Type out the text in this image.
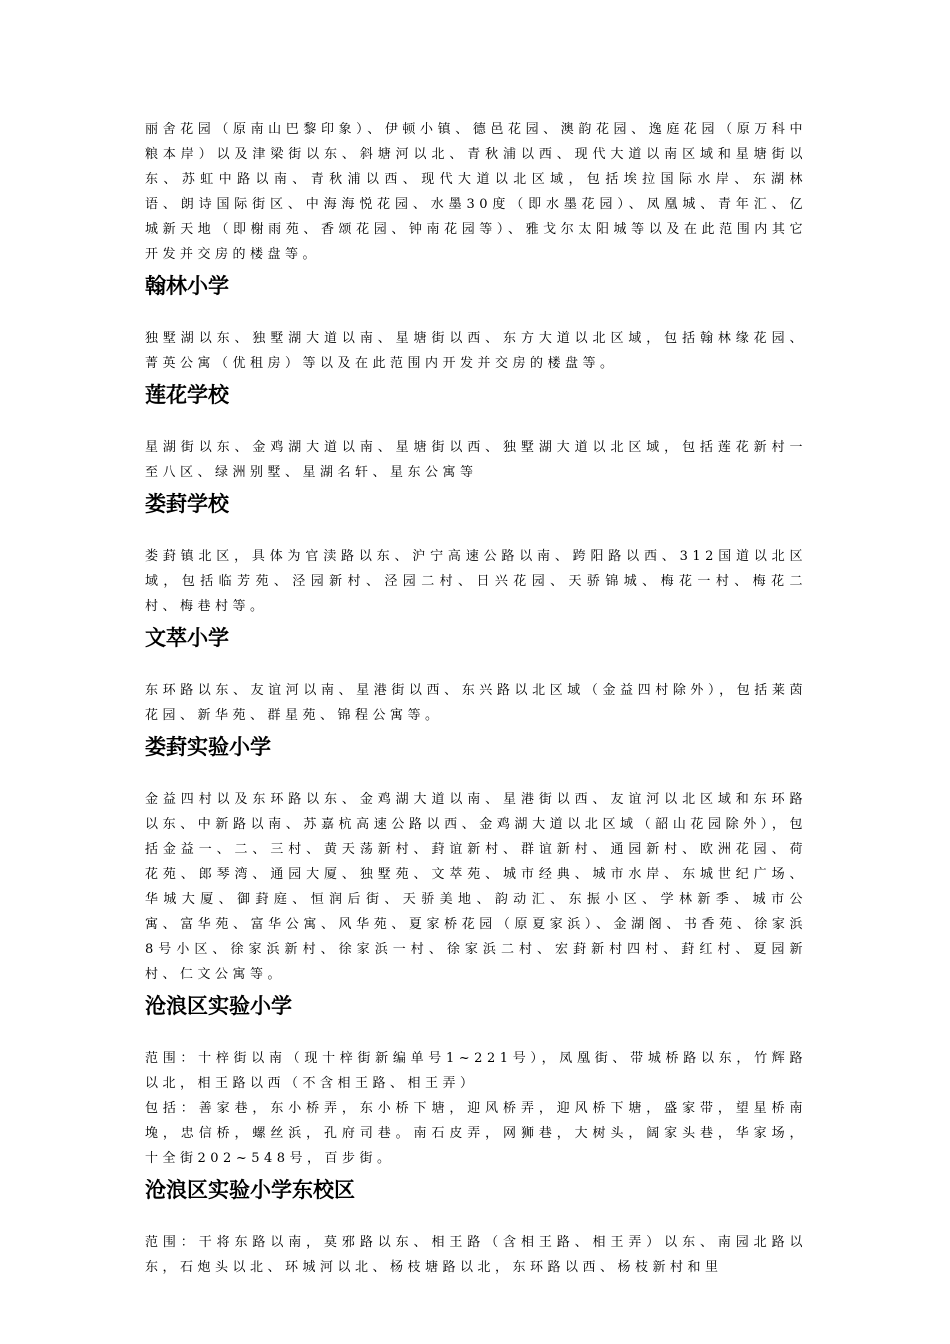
丽舍花园（原南山巴黎印象）、伊顿小镇、德邑花园、澳韵花园、逸庭花园（原万科中粮本岸）以及津梁街以东、斜塘河以北、青秋浦以西、现代大道以南区域和星塘街以东、苏虹中路以南、青秋浦以西、现代大道以北区域，包括埃拉国际水岸、东湖林语、朗诗国际街区、中海海悦花园、水墨30度（即水墨花园）、凤凰城、青年汇、亿城新天地（即榭雨苑、香颂花园、钟南花园等）、雅戈尔太阳城等以及在此范围内其它开发并交房的楼盘等。

翰林小学

独墅湖以东、独墅湖大道以南、星塘街以西、东方大道以北区域，包括翰林缘花园、菁英公寓（优租房）等以及在此范围内开发并交房的楼盘等。

莲花学校

星湖街以东、金鸡湖大道以南、星塘街以西、独墅湖大道以北区域，包括莲花新村一至八区、绿洲别墅、星湖名轩、星东公寓等

娄葑学校

娄葑镇北区，具体为官渎路以东、沪宁高速公路以南、跨阳路以西、312国道以北区域，包括临芳苑、泾园新村、泾园二村、日兴花园、天骄锦城、梅花一村、梅花二村、梅巷村等。

文萃小学

东环路以东、友谊河以南、星港街以西、东兴路以北区域（金益四村除外），包括莱茵花园、新华苑、群星苑、锦程公寓等。

娄葑实验小学

金益四村以及东环路以东、金鸡湖大道以南、星港街以西、友谊河以北区域和东环路以东、中新路以南、苏嘉杭高速公路以西、金鸡湖大道以北区域（韶山花园除外），包括金益一、二、三村、黄天荡新村、葑谊新村、群谊新村、通园新村、欧洲花园、荷花苑、郎琴湾、通园大厦、独墅苑、文萃苑、城市经典、城市水岸、东城世纪广场、华城大厦、御葑庭、恒润后街、天骄美地、韵动汇、东振小区、学林新季、城市公寓、富华苑、富华公寓、风华苑、夏家桥花园（原夏家浜）、金湖阁、书香苑、徐家浜8号小区、徐家浜新村、徐家浜一村、徐家浜二村、宏葑新村四村、葑红村、夏园新村、仁文公寓等。

沧浪区实验小学

范围：十梓街以南（现十梓街新编单号1~221号），凤凰街、带城桥路以东，竹辉路以北，相王路以西（不含相王路、相王弄）

包括：善家巷，东小桥弄，东小桥下塘，迎风桥弄，迎风桥下塘，盛家带，望星桥南堍，忠信桥，螺丝浜，孔府司巷。南石皮弄，网狮巷，大树头，阔家头巷，华家场，十全街202~548号，百步街。

沧浪区实验小学东校区

范围：干将东路以南，莫邪路以东、相王路（含相王路、相王弄）以东、南园北路以东，石炮头以北、环城河以北、杨枝塘路以北，东环路以西、杨枝新村和里
